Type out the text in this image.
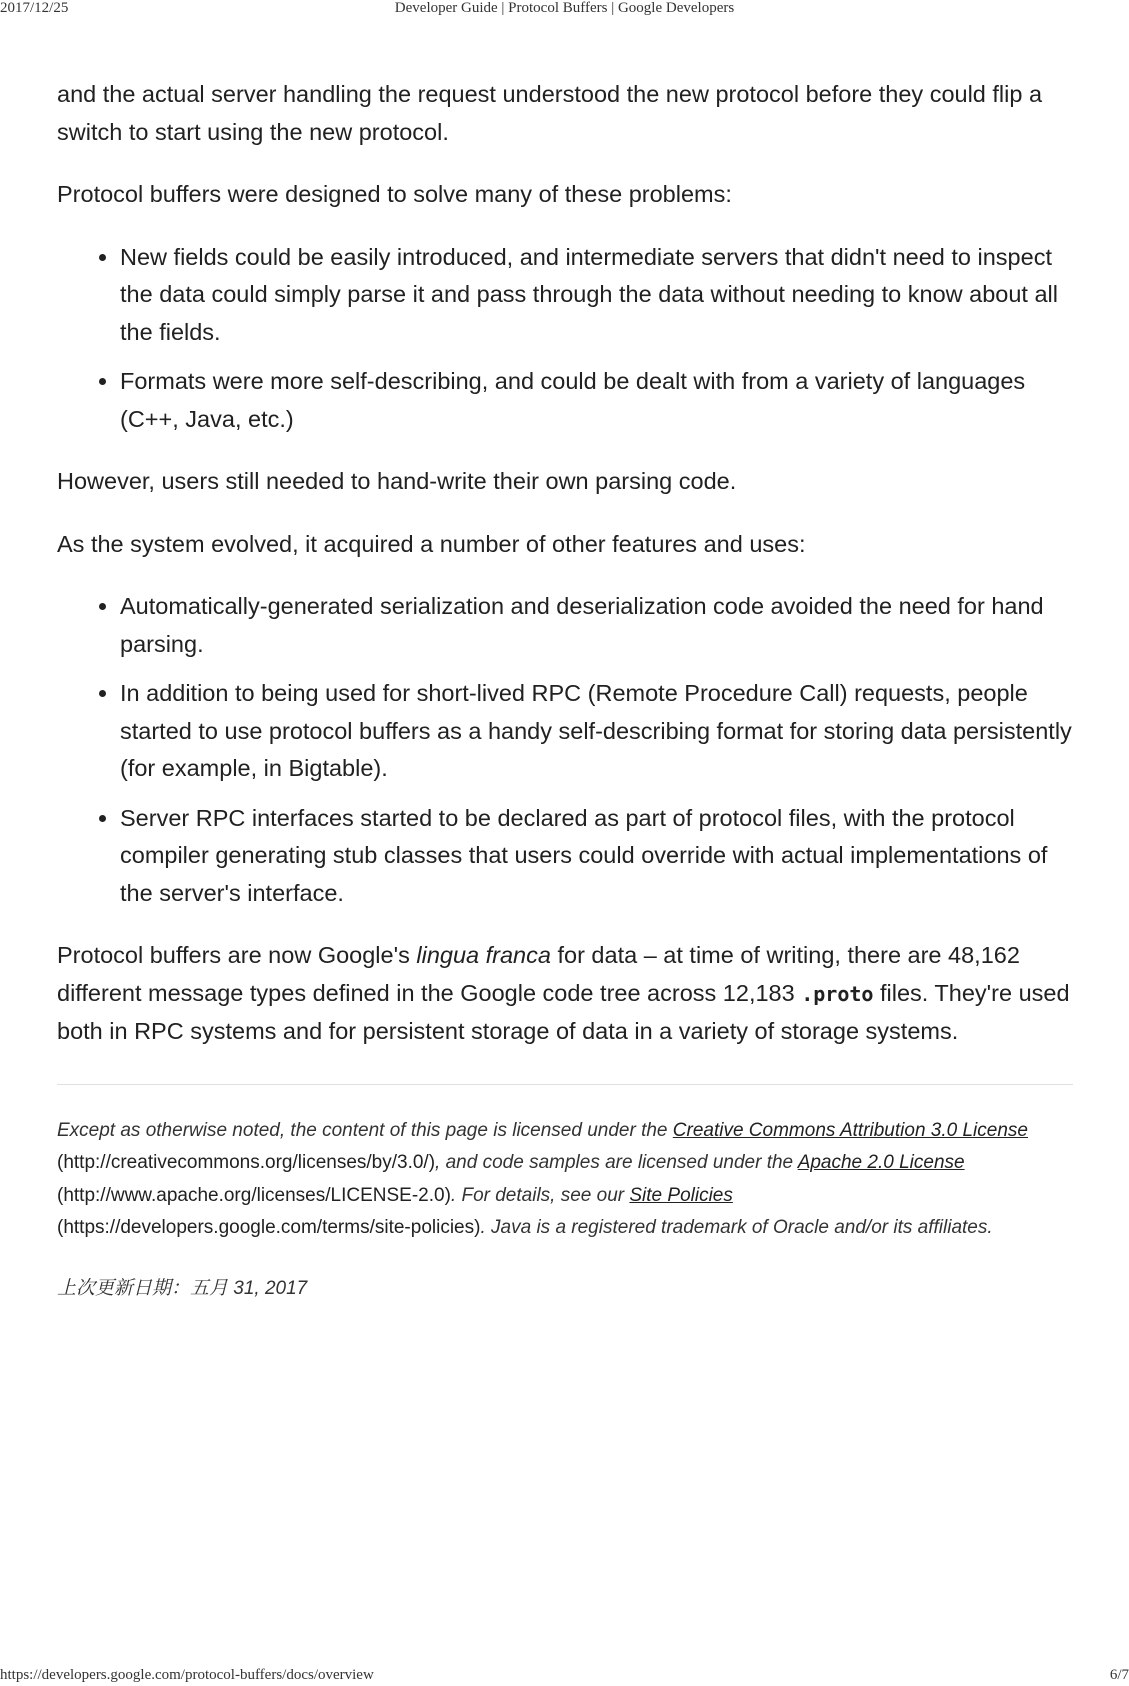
2017/12/25	Developer Guide | Protocol Buffers | Google Developers

and the actual server handling the request understood the new protocol before they could flip a switch to start using the new protocol.

Protocol buffers were designed to solve many of these problems:

• New fields could be easily introduced, and intermediate servers that didn't need to inspect the data could simply parse it and pass through the data without needing to know about all the fields.
• Formats were more self-describing, and could be dealt with from a variety of languages (C++, Java, etc.)

However, users still needed to hand-write their own parsing code.

As the system evolved, it acquired a number of other features and uses:

• Automatically-generated serialization and deserialization code avoided the need for hand parsing.
• In addition to being used for short-lived RPC (Remote Procedure Call) requests, people started to use protocol buffers as a handy self-describing format for storing data persistently (for example, in Bigtable).
• Server RPC interfaces started to be declared as part of protocol files, with the protocol compiler generating stub classes that users could override with actual implementations of the server's interface.

Protocol buffers are now Google's lingua franca for data – at time of writing, there are 48,162 different message types defined in the Google code tree across 12,183 .proto files. They're used both in RPC systems and for persistent storage of data in a variety of storage systems.

Except as otherwise noted, the content of this page is licensed under the Creative Commons Attribution 3.0 License (http://creativecommons.org/licenses/by/3.0/), and code samples are licensed under the Apache 2.0 License (http://www.apache.org/licenses/LICENSE-2.0). For details, see our Site Policies (https://developers.google.com/terms/site-policies). Java is a registered trademark of Oracle and/or its affiliates.

上次更新日期：五月 31, 2017

https://developers.google.com/protocol-buffers/docs/overview	6/7
